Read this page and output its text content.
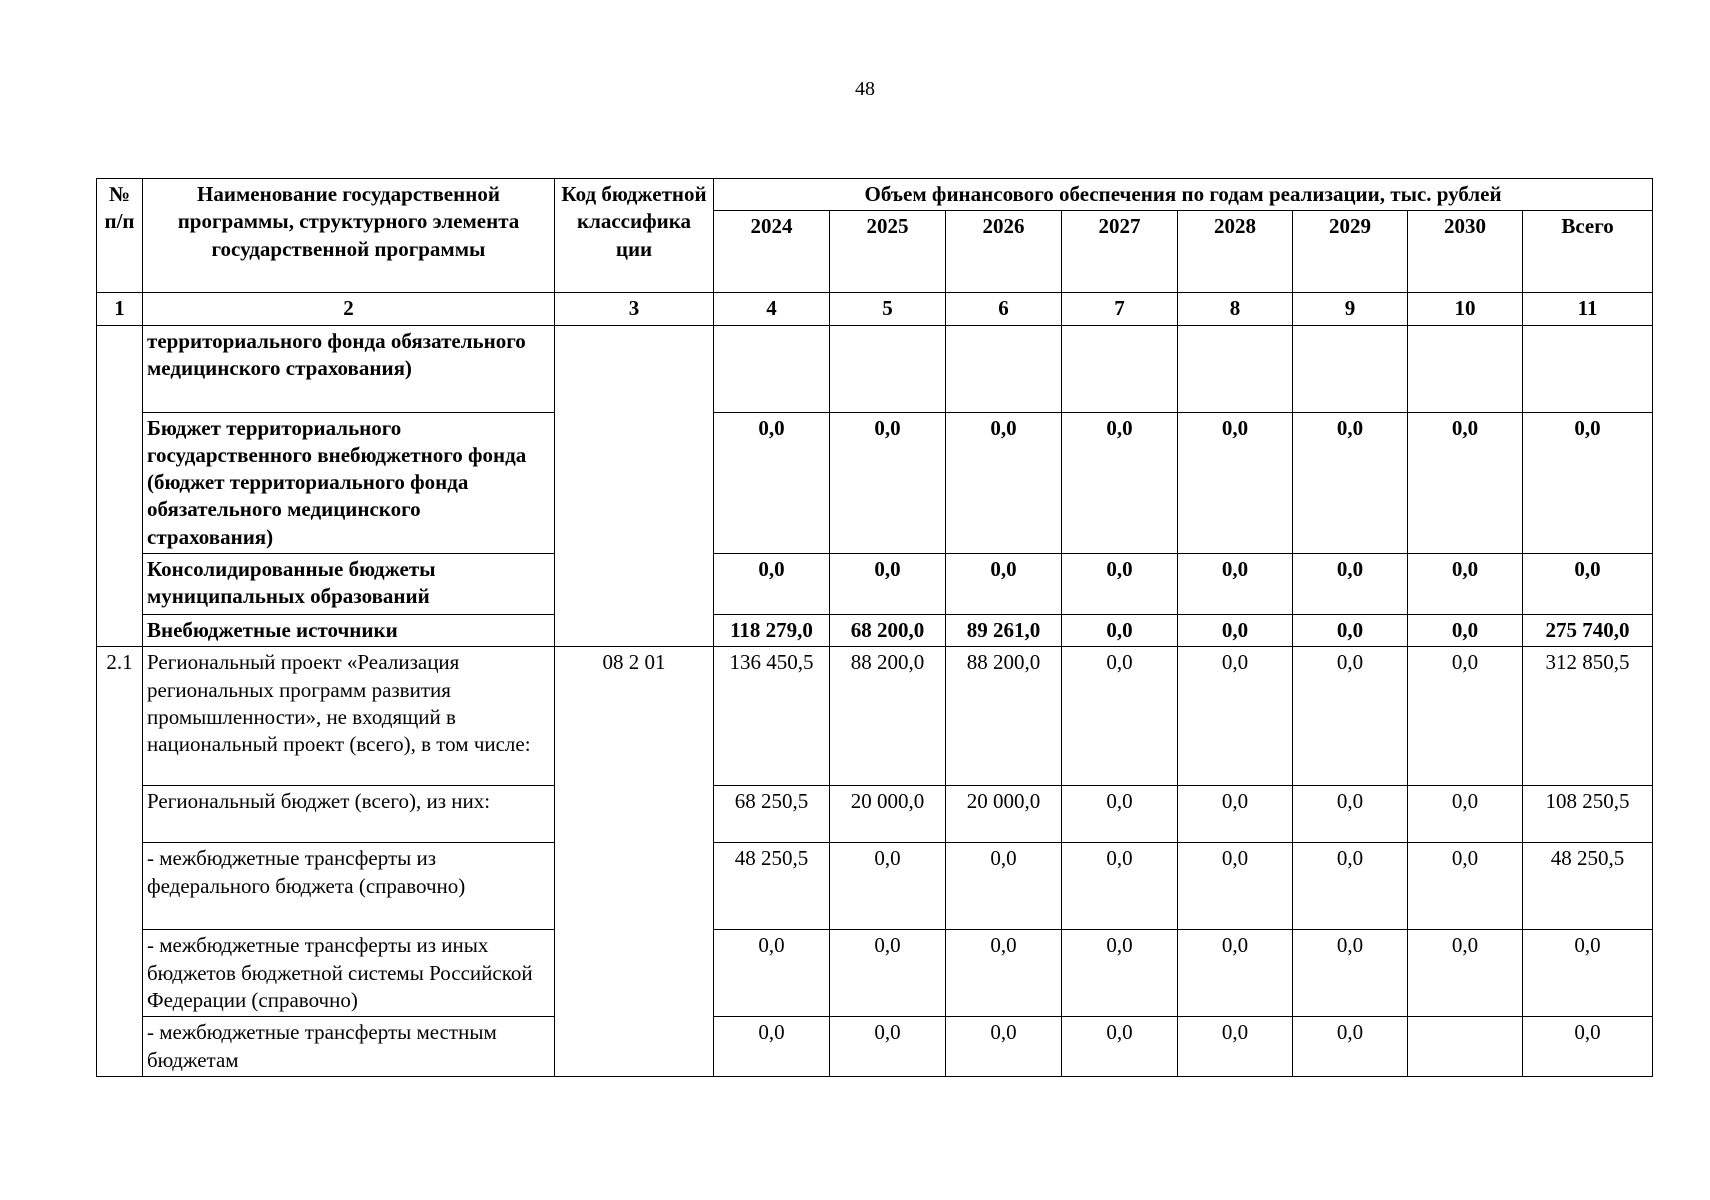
48
№ п/п	Наименование государственной программы, структурного элемента государственной программы	Код бюджетной классифика ции	Объем финансового обеспечения по годам реализации, тыс. рублей							
			2024	2025	2026	2027	2028	2029	2030	Всего
1	2	3	4	5	6	7	8	9	10	11
	территориального фонда обязательного медицинского страхования)									
	Бюджет территориального государственного внебюджетного фонда (бюджет территориального фонда обязательного медицинского страхования)		0,0	0,0	0,0	0,0	0,0	0,0	0,0	0,0
	Консолидированные бюджеты муниципальных образований		0,0	0,0	0,0	0,0	0,0	0,0	0,0	0,0
	Внебюджетные источники		118 279,0	68 200,0	89 261,0	0,0	0,0	0,0	0,0	275 740,0
2.1	Региональный проект «Реализация региональных программ развития промышленности», не входящий в национальный проект (всего), в том числе:	08 2 01	136 450,5	88 200,0	88 200,0	0,0	0,0	0,0	0,0	312 850,5
	Региональный бюджет (всего), из них:		68 250,5	20 000,0	20 000,0	0,0	0,0	0,0	0,0	108 250,5
	- межбюджетные трансферты из федерального бюджета (справочно)		48 250,5	0,0	0,0	0,0	0,0	0,0	0,0	48 250,5
	- межбюджетные трансферты из иных бюджетов бюджетной системы Российской Федерации (справочно)		0,0	0,0	0,0	0,0	0,0	0,0	0,0	0,0
	- межбюджетные трансферты местным бюджетам		0,0	0,0	0,0	0,0	0,0	0,0		0,0
